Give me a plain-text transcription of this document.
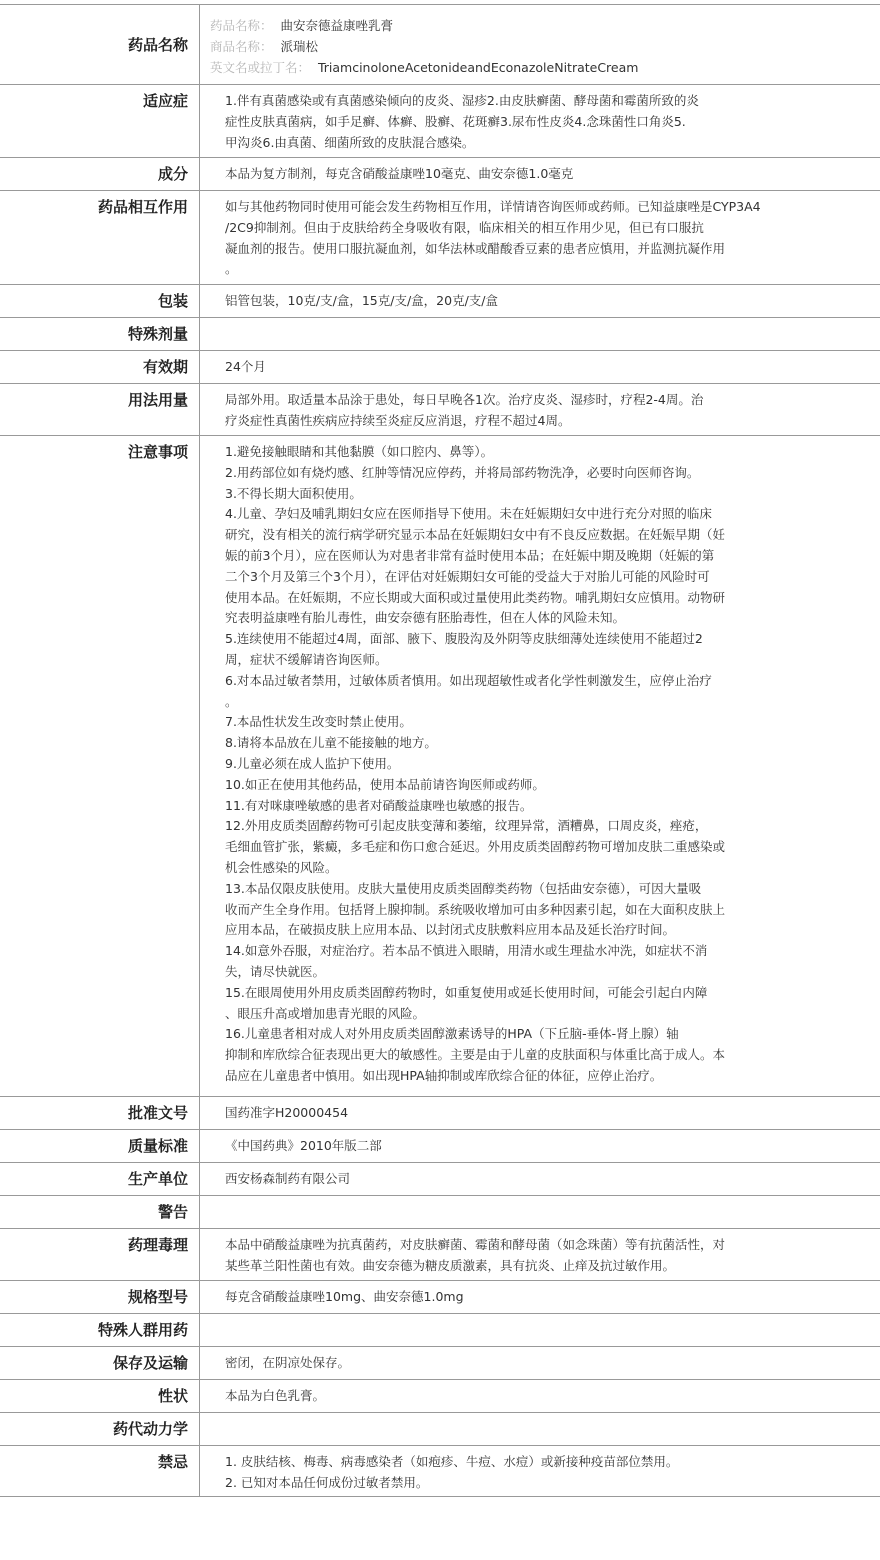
药品名称
药品名称： 曲安奈德益康唑乳膏
商品名称： 派瑞松
英文名或拉丁名： TriamcinoloneAcetonideandEconazoleNitrateCream
适应症	1.伴有真菌感染或有真菌感染倾向的皮炎、湿疹2.由皮肤癣菌、酵母菌和霉菌所致的炎

症性皮肤真菌病，如手足癣、体癣、股癣、花斑癣3.尿布性皮炎4.念珠菌性口角炎5.

甲沟炎6.由真菌、细菌所致的皮肤混合感染。

成分	本品为复方制剂，每克含硝酸益康唑10毫克、曲安奈德1.0毫克

药品相互作用	如与其他药物同时使用可能会发生药物相互作用，详情请咨询医师或药师。已知益康唑是CYP3A4

/2C9抑制剂。但由于皮肤给药全身吸收有限，临床相关的相互作用少见，但已有口服抗

凝血剂的报告。使用口服抗凝血剂，如华法林或醋酸香豆素的患者应慎用，并监测抗凝作用

。

包装	铝管包装，10克/支/盒，15克/支/盒，20克/支/盒

特殊剂量
有效期	24个月

用法用量	局部外用。取适量本品涂于患处，每日早晚各1次。治疗皮炎、湿疹时，疗程2-4周。治

疗炎症性真菌性疾病应持续至炎症反应消退，疗程不超过4周。

注意事项	1.避免接触眼睛和其他黏膜（如口腔内、鼻等）。

2.用药部位如有烧灼感、红肿等情况应停药，并将局部药物洗净，必要时向医师咨询。

3.不得长期大面积使用。

4.儿童、孕妇及哺乳期妇女应在医师指导下使用。未在妊娠期妇女中进行充分对照的临床

研究，没有相关的流行病学研究显示本品在妊娠期妇女中有不良反应数据。在妊娠早期（妊

娠的前3个月），应在医师认为对患者非常有益时使用本品；在妊娠中期及晚期（妊娠的第

二个3个月及第三个3个月），在评估对妊娠期妇女可能的受益大于对胎儿可能的风险时可

使用本品。在妊娠期，不应长期或大面积或过量使用此类药物。哺乳期妇女应慎用。动物研

究表明益康唑有胎儿毒性，曲安奈德有胚胎毒性，但在人体的风险未知。

5.连续使用不能超过4周，面部、腋下、腹股沟及外阴等皮肤细薄处连续使用不能超过2

周，症状不缓解请咨询医师。

6.对本品过敏者禁用，过敏体质者慎用。如出现超敏性或者化学性刺激发生，应停止治疗

。

7.本品性状发生改变时禁止使用。

8.请将本品放在儿童不能接触的地方。

9.儿童必须在成人监护下使用。

10.如正在使用其他药品，使用本品前请咨询医师或药师。

11.有对咪康唑敏感的患者对硝酸益康唑也敏感的报告。

12.外用皮质类固醇药物可引起皮肤变薄和萎缩，纹理异常，酒糟鼻，口周皮炎，痤疮，

毛细血管扩张，紫癜，多毛症和伤口愈合延迟。外用皮质类固醇药物可增加皮肤二重感染或

机会性感染的风险。

13.本品仅限皮肤使用。皮肤大量使用皮质类固醇类药物（包括曲安奈德），可因大量吸

收而产生全身作用。包括肾上腺抑制。系统吸收增加可由多种因素引起，如在大面积皮肤上

应用本品，在破损皮肤上应用本品、以封闭式皮肤敷料应用本品及延长治疗时间。

14.如意外吞服，对症治疗。若本品不慎进入眼睛，用清水或生理盐水冲洗，如症状不消

失，请尽快就医。

15.在眼周使用外用皮质类固醇药物时，如重复使用或延长使用时间，可能会引起白内障

、眼压升高或增加患青光眼的风险。

16.儿童患者相对成人对外用皮质类固醇激素诱导的HPA（下丘脑-垂体-肾上腺）轴

抑制和库欣综合征表现出更大的敏感性。主要是由于儿童的皮肤面积与体重比高于成人。本

品应在儿童患者中慎用。如出现HPA轴抑制或库欣综合征的体征，应停止治疗。

批准文号	国药准字H20000454

质量标准	《中国药典》2010年版二部

生产单位	西安杨森制药有限公司

警告
药理毒理	本品中硝酸益康唑为抗真菌药，对皮肤癣菌、霉菌和酵母菌（如念珠菌）等有抗菌活性，对

某些革兰阳性菌也有效。曲安奈德为糖皮质激素，具有抗炎、止痒及抗过敏作用。

规格型号	每克含硝酸益康唑10mg、曲安奈德1.0mg

特殊人群用药
保存及运输	密闭，在阴凉处保存。

性状	本品为白色乳膏。

药代动力学
禁忌	1. 皮肤结核、梅毒、病毒感染者（如疱疹、牛痘、水痘）或新接种疫苗部位禁用。

2. 已知对本品任何成份过敏者禁用。
